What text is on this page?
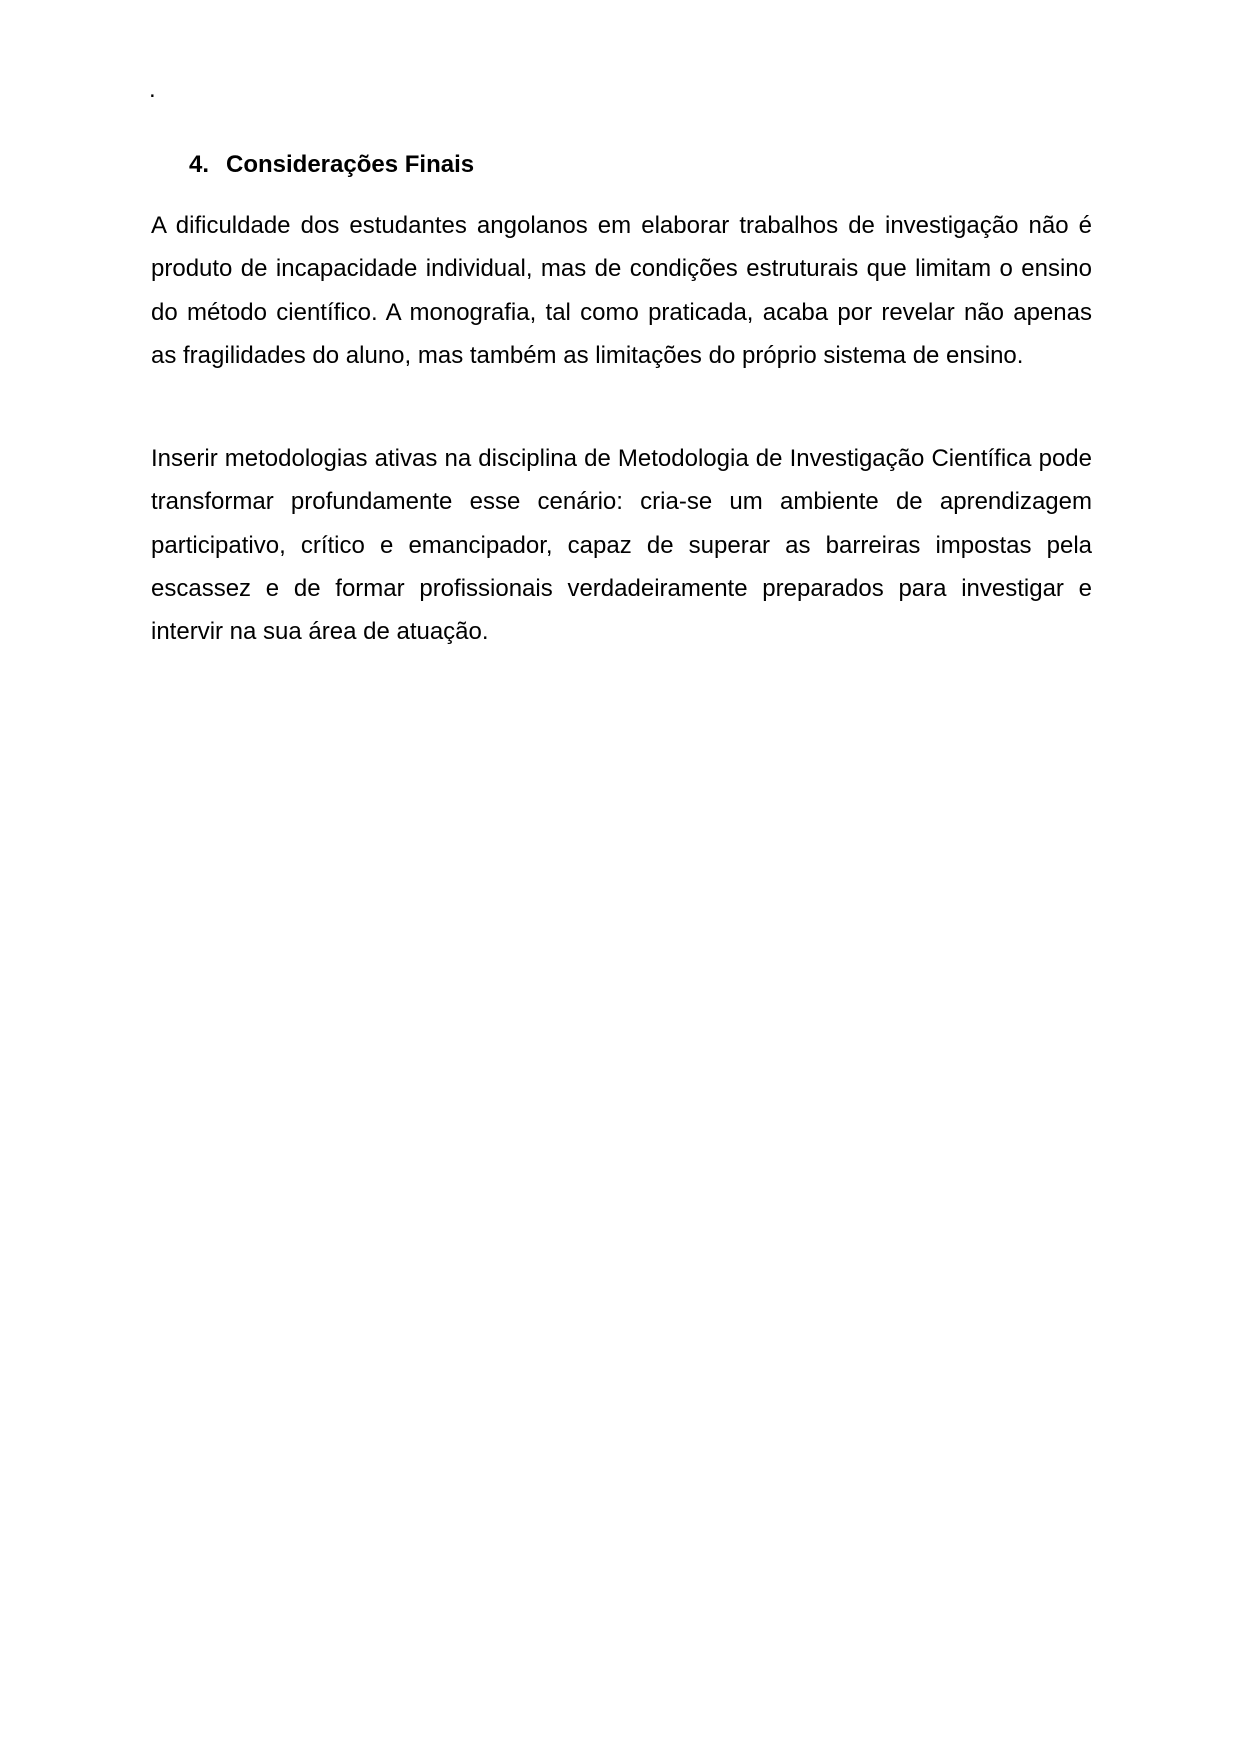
.
4. Considerações Finais

A dificuldade dos estudantes angolanos em elaborar trabalhos de investigação não é produto de incapacidade individual, mas de condições estruturais que limitam o ensino do método científico. A monografia, tal como praticada, acaba por revelar não apenas as fragilidades do aluno, mas também as limitações do próprio sistema de ensino.

Inserir metodologias ativas na disciplina de Metodologia de Investigação Científica pode transformar profundamente esse cenário: cria-se um ambiente de aprendizagem participativo, crítico e emancipador, capaz de superar as barreiras impostas pela escassez e de formar profissionais verdadeiramente preparados para investigar e intervir na sua área de atuação.
